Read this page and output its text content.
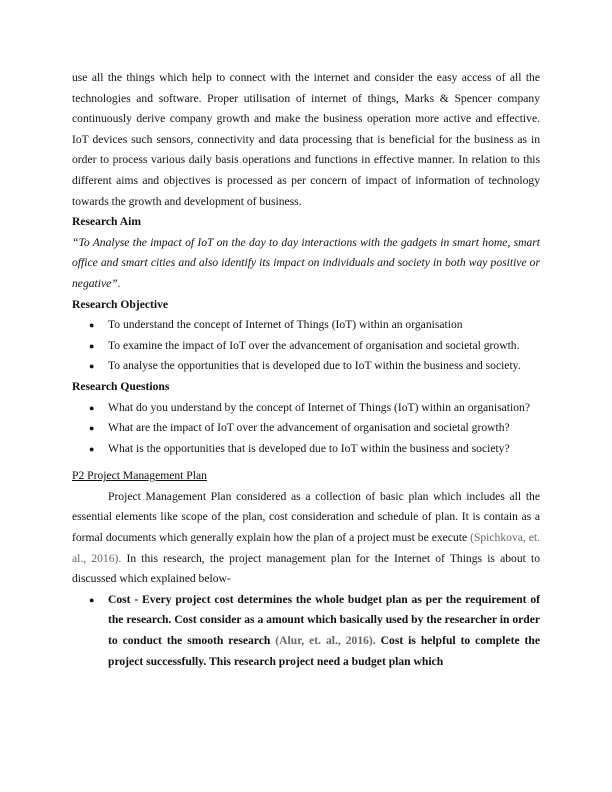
use all the things which help to connect with the internet and consider the easy access of all the technologies and software. Proper utilisation of internet of things, Marks & Spencer company continuously derive company growth and make the business operation more active and effective. IoT devices such sensors, connectivity and data processing that is beneficial for the business as in order to process various daily basis operations and functions in effective manner. In relation to this different aims and objectives is processed as per concern of impact of information of technology towards the growth and development of business.

Research Aim

“To Analyse the impact of IoT on the day to day interactions with the gadgets in smart home, smart office and smart cities and also identify its impact on individuals and society in both way positive or negative”.

Research Objective

● To understand the concept of Internet of Things (IoT) within an organisation
● To examine the impact of IoT over the advancement of organisation and societal growth.
● To analyse the opportunities that is developed due to IoT within the business and society.

Research Questions

● What do you understand by the concept of Internet of Things (IoT) within an organisation?
● What are the impact of IoT over the advancement of organisation and societal growth?
● What is the opportunities that is developed due to IoT within the business and society?

P2 Project Management Plan

Project Management Plan considered as a collection of basic plan which includes all the essential elements like scope of the plan, cost consideration and schedule of plan. It is contain as a formal documents which generally explain how the plan of a project must be execute (Spichkova, et. al., 2016). In this research, the project management plan for the Internet of Things is about to discussed which explained below-

● Cost - Every project cost determines the whole budget plan as per the requirement of the research. Cost consider as a amount which basically used by the researcher in order to conduct the smooth research (Alur, et. al., 2016). Cost is helpful to complete the project successfully. This research project need a budget plan which
